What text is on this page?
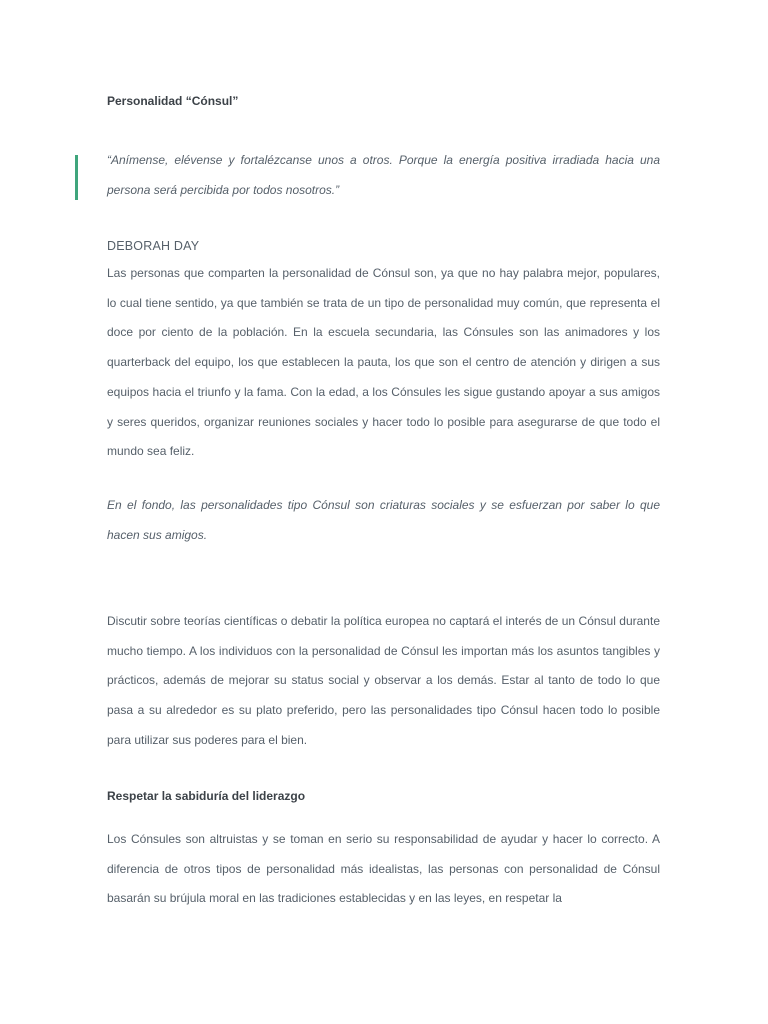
Personalidad “Cónsul”

“Anímense, elévense y fortalézcanse unos a otros. Porque la energía positiva irradiada hacia una persona será percibida por todos nosotros.”

DEBORAH DAY

Las personas que comparten la personalidad de Cónsul son, ya que no hay palabra mejor, populares, lo cual tiene sentido, ya que también se trata de un tipo de personalidad muy común, que representa el doce por ciento de la población. En la escuela secundaria, las Cónsules son las animadores y los quarterback del equipo, los que establecen la pauta, los que son el centro de atención y dirigen a sus equipos hacia el triunfo y la fama. Con la edad, a los Cónsules les sigue gustando apoyar a sus amigos y seres queridos, organizar reuniones sociales y hacer todo lo posible para asegurarse de que todo el mundo sea feliz.

En el fondo, las personalidades tipo Cónsul son criaturas sociales y se esfuerzan por saber lo que hacen sus amigos.

Discutir sobre teorías científicas o debatir la política europea no captará el interés de un Cónsul durante mucho tiempo. A los individuos con la personalidad de Cónsul les importan más los asuntos tangibles y prácticos, además de mejorar su status social y observar a los demás. Estar al tanto de todo lo que pasa a su alrededor es su plato preferido, pero las personalidades tipo Cónsul hacen todo lo posible para utilizar sus poderes para el bien.

Respetar la sabiduría del liderazgo

Los Cónsules son altruistas y se toman en serio su responsabilidad de ayudar y hacer lo correcto. A diferencia de otros tipos de personalidad más idealistas, las personas con personalidad de Cónsul basarán su brújula moral en las tradiciones establecidas y en las leyes, en respetar la
